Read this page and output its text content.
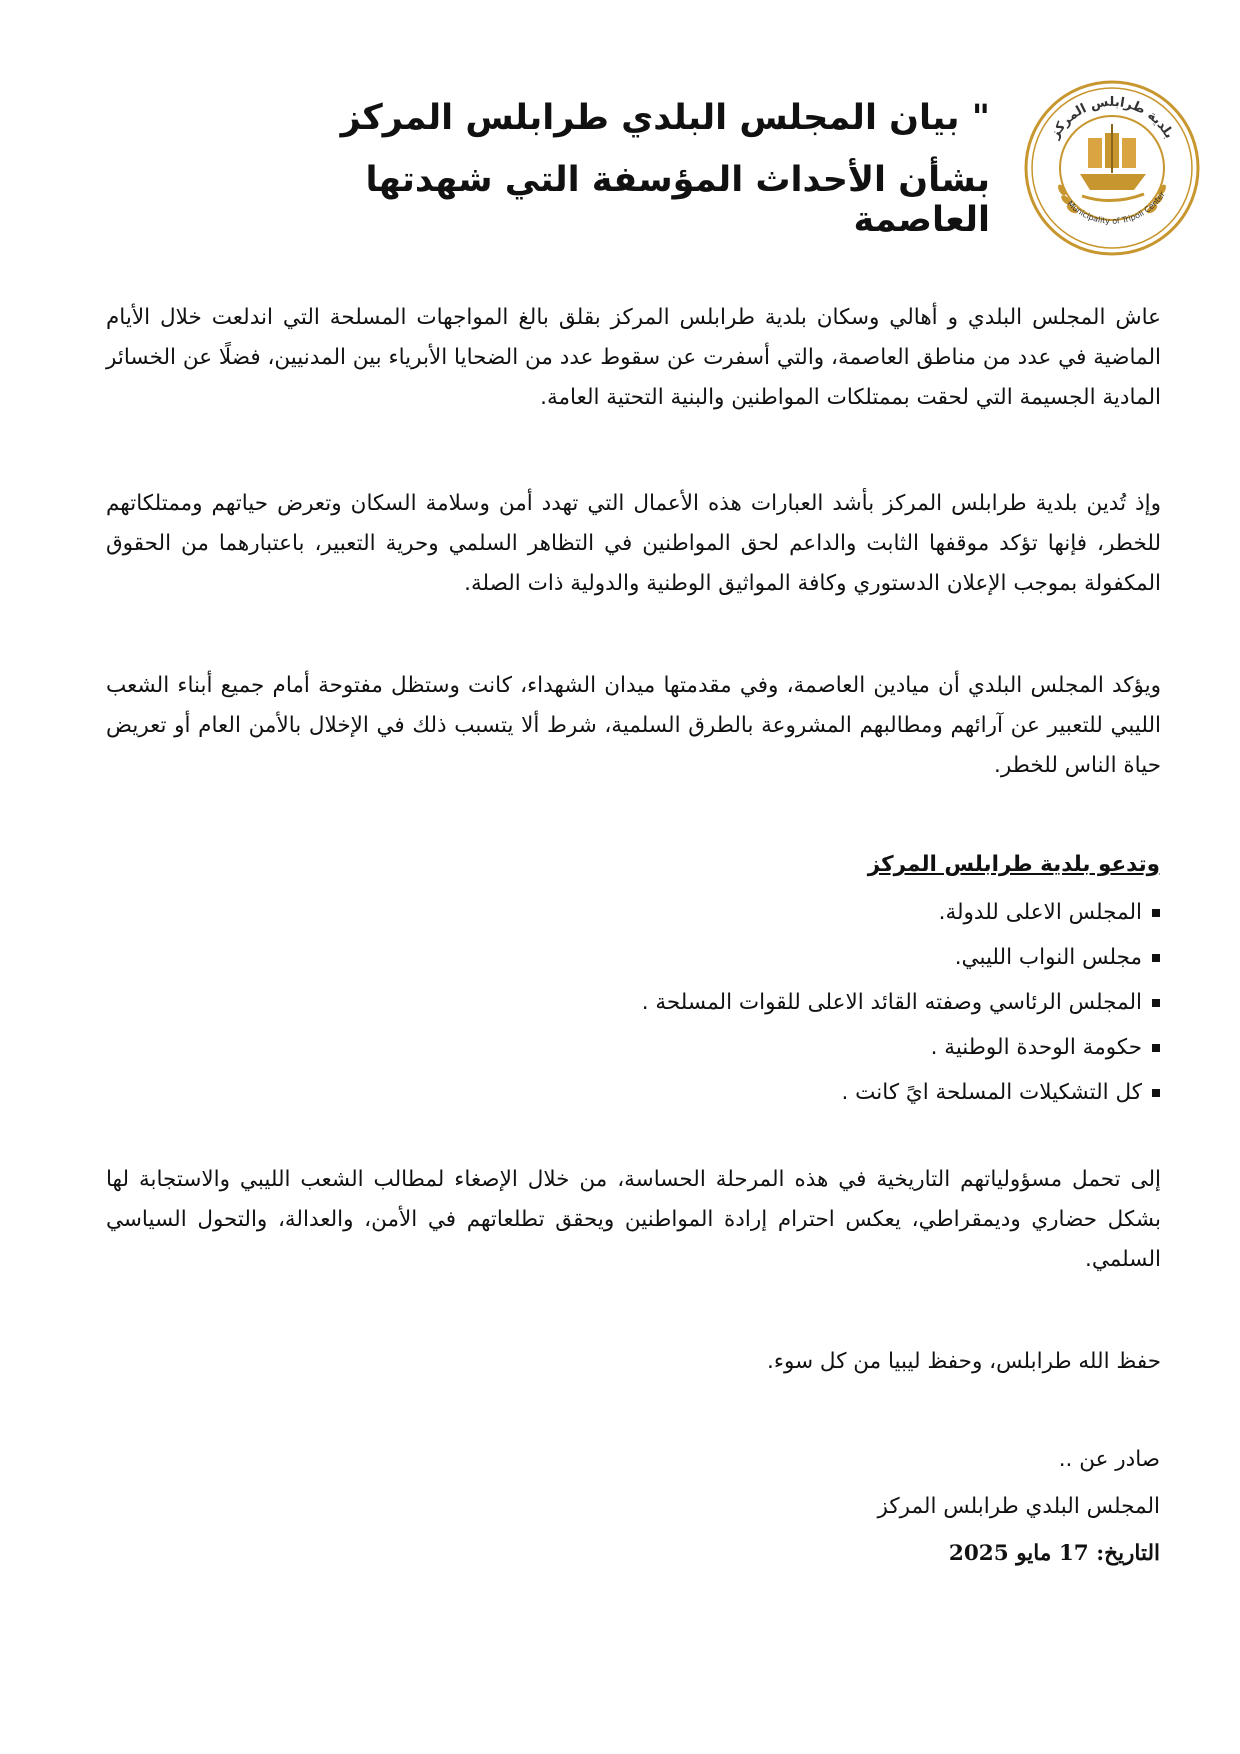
بلدية طرابلس المركز
Municipality of Tripoli Center
" بيان المجلس البلدي طرابلس المركز
بشأن الأحداث المؤسفة التي شهدتها العاصمة

عاش المجلس البلدي و أهالي وسكان بلدية طرابلس المركز بقلق بالغ المواجهات المسلحة التي اندلعت خلال الأيام الماضية في عدد من مناطق العاصمة، والتي أسفرت عن سقوط عدد من الضحايا الأبرياء بين المدنيين، فضلًا عن الخسائر المادية الجسيمة التي لحقت بممتلكات المواطنين والبنية التحتية العامة.

وإذ تُدين بلدية طرابلس المركز بأشد العبارات هذه الأعمال التي تهدد أمن وسلامة السكان وتعرض حياتهم وممتلكاتهم للخطر، فإنها تؤكد موقفها الثابت والداعم لحق المواطنين في التظاهر السلمي وحرية التعبير، باعتبارهما من الحقوق المكفولة بموجب الإعلان الدستوري وكافة المواثيق الوطنية والدولية ذات الصلة.

ويؤكد المجلس البلدي أن ميادين العاصمة، وفي مقدمتها ميدان الشهداء، كانت وستظل مفتوحة أمام جميع أبناء الشعب الليبي للتعبير عن آرائهم ومطالبهم المشروعة بالطرق السلمية، شرط ألا يتسبب ذلك في الإخلال بالأمن العام أو تعريض حياة الناس للخطر.

وتدعو بلدية طرابلس المركز
المجلس الاعلى للدولة.
مجلس النواب الليبي.
المجلس الرئاسي وصفته القائد الاعلى للقوات المسلحة .
حكومة الوحدة الوطنية .
كل التشكيلات المسلحة ايً كانت .

إلى تحمل مسؤولياتهم التاريخية في هذه المرحلة الحساسة، من خلال الإصغاء لمطالب الشعب الليبي والاستجابة لها بشكل حضاري وديمقراطي، يعكس احترام إرادة المواطنين ويحقق تطلعاتهم في الأمن، والعدالة، والتحول السياسي السلمي.

حفظ الله طرابلس، وحفظ ليبيا من كل سوء.

صادر عن ..
المجلس البلدي طرابلس المركز
التاريخ: 17 مايو 2025
